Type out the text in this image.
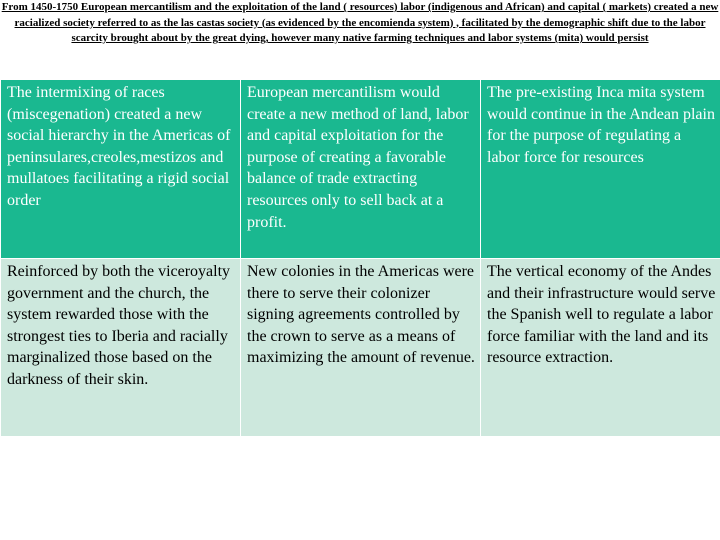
From 1450-1750 European mercantilism and the exploitation of the land ( resources) labor (indigenous and African) and capital ( markets) created a new racialized society referred to as the las castas society (as evidenced by the encomienda system) , facilitated by the demographic shift due to the labor scarcity brought about by the great dying, however many native farming techniques and labor systems (mita) would persist

The intermixing of races (miscegenation) created a new social hierarchy in the Americas of peninsulares,creoles,mestizos and mullatoes facilitating a rigid social order	European mercantilism would create a new method of land, labor and capital exploitation for the purpose of creating a favorable balance of trade extracting resources only to sell back at a profit.	The pre-existing Inca mita system would continue in the Andean plain for the purpose of regulating a labor force for resources
Reinforced by both the viceroyalty government and the church, the system rewarded those with the strongest ties to Iberia and racially marginalized those based on the darkness of their skin.	New colonies in the Americas were there to serve their colonizer signing agreements controlled by the crown to serve as a means of maximizing the amount of revenue.	The vertical economy of the Andes and their infrastructure would serve the Spanish well to regulate a labor force familiar with the land and its resource extraction.
